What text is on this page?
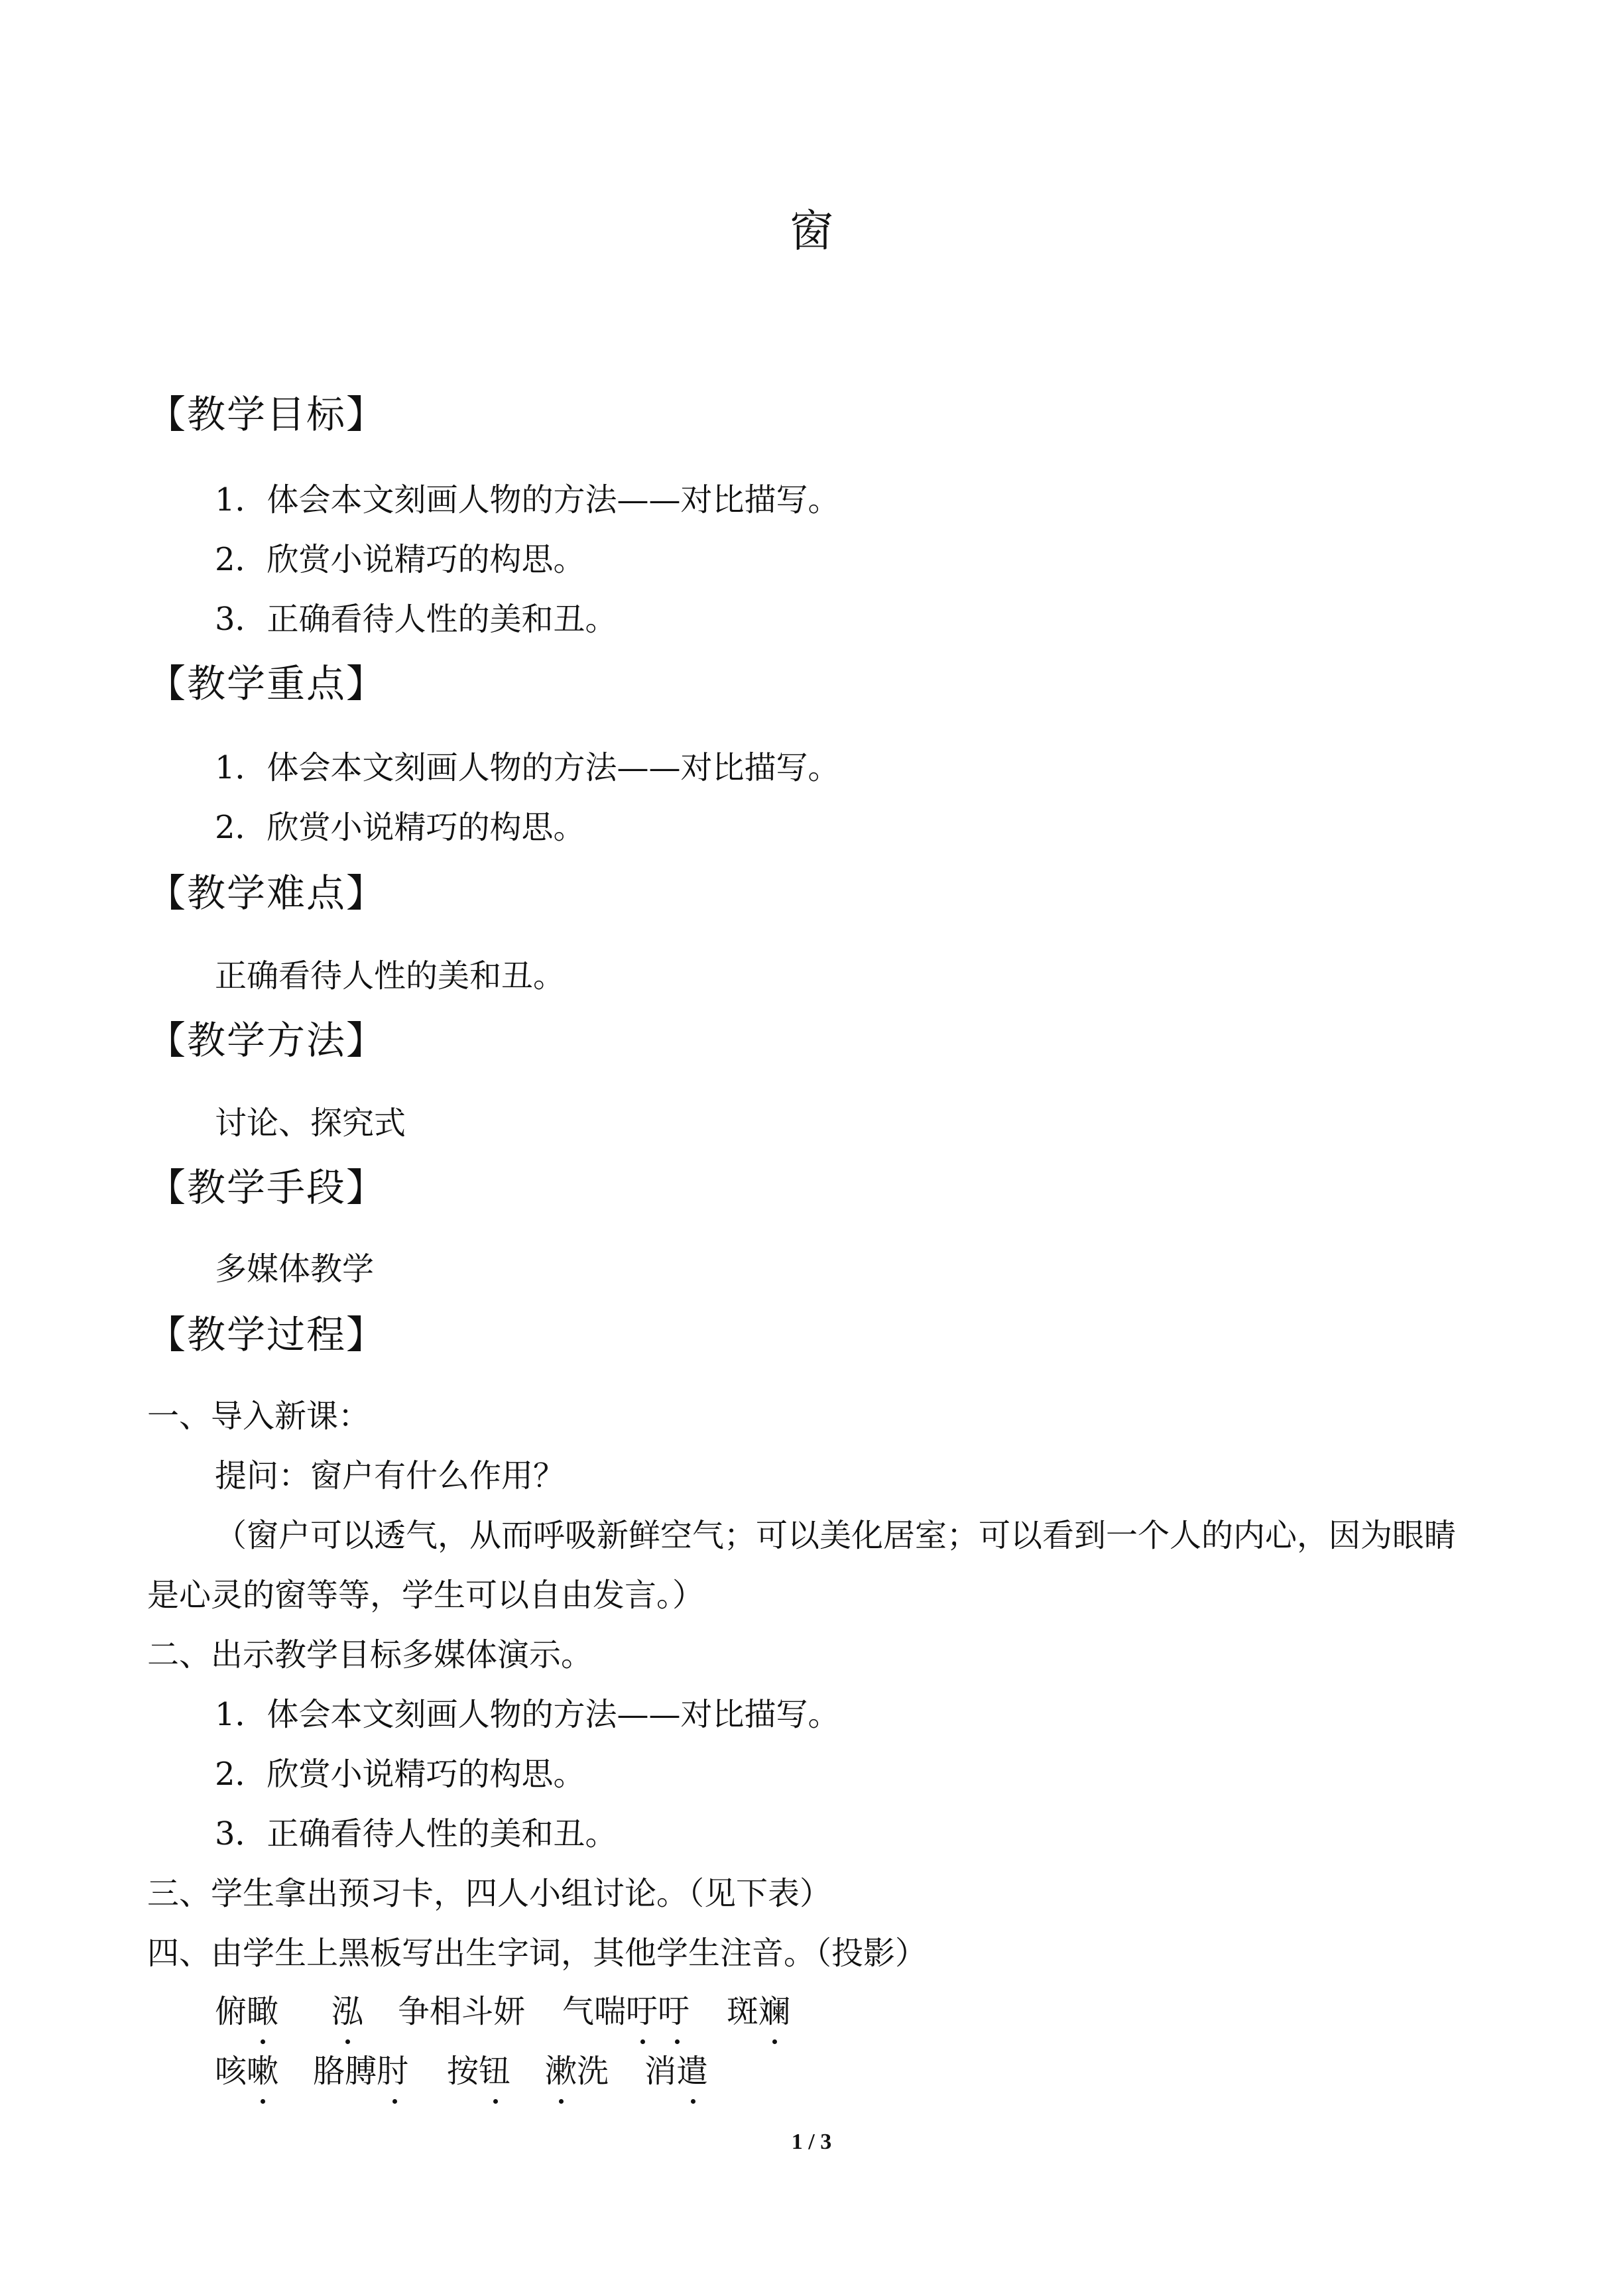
窗
【教学目标】
1．体会本文刻画人物的方法——对比描写。
2．欣赏小说精巧的构思。
3．正确看待人性的美和丑。
【教学重点】
1．体会本文刻画人物的方法——对比描写。
2．欣赏小说精巧的构思。
【教学难点】
正确看待人性的美和丑。
【教学方法】
讨论、探究式
【教学手段】
多媒体教学
【教学过程】
一、导入新课：
提问：窗户有什么作用？
（窗户可以透气，从而呼吸新鲜空气；可以美化居室；可以看到一个人的内心，因为眼睛
是心灵的窗等等，学生可以自由发言。）
二、出示教学目标多媒体演示。
1．体会本文刻画人物的方法——对比描写。
2．欣赏小说精巧的构思。
3．正确看待人性的美和丑。
三、学生拿出预习卡，四人小组讨论。（见下表）
四、由学生上黑板写出生字词，其他学生注音。（投影）
俯瞰 泓 争相斗妍 气喘吁吁 斑斓
咳嗽 胳膊肘 按钮 漱洗 消遣
1 / 3
